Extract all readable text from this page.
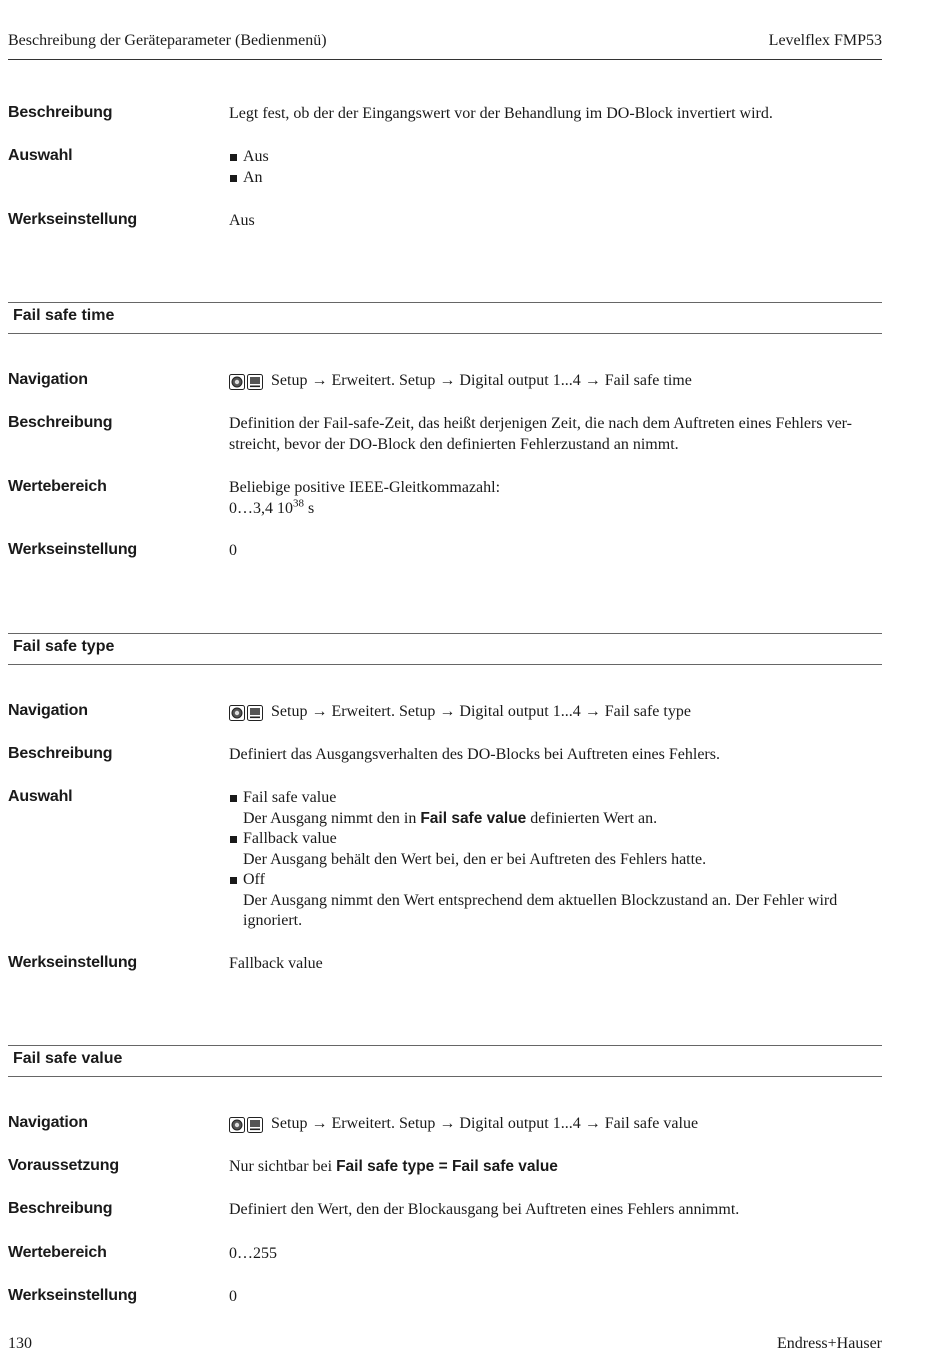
Beschreibung der Geräteparameter (Bedienmenü)	Levelflex FMP53
Beschreibung	Legt fest, ob der der Eingangswert vor der Behandlung im DO-Block invertiert wird.
Auswahl	Aus
An
Werkseinstellung	Aus
Fail safe time
Navigation	Setup → Erweitert. Setup → Digital output 1...4 → Fail safe time
Beschreibung	Definition der Fail-safe-Zeit, das heißt derjenigen Zeit, die nach dem Auftreten eines Fehlers ver-
streicht, bevor der DO-Block den definierten Fehlerzustand an nimmt.
Wertebereich	Beliebige positive IEEE-Gleitkommazahl:
0…3,4 $10^{38}$ s
Werkseinstellung	0
Fail safe type
Navigation	Setup → Erweitert. Setup → Digital output 1...4 → Fail safe type
Beschreibung	Definiert das Ausgangsverhalten des DO-Blocks bei Auftreten eines Fehlers.
Auswahl	Fail safe value
Der Ausgang nimmt den in Fail safe value definierten Wert an.
Fallback value
Der Ausgang behält den Wert bei, den er bei Auftreten des Fehlers hatte.
Off
Der Ausgang nimmt den Wert entsprechend dem aktuellen Blockzustand an. Der Fehler wird
ignoriert.
Werkseinstellung	Fallback value
Fail safe value
Navigation	Setup → Erweitert. Setup → Digital output 1...4 → Fail safe value
Voraussetzung	Nur sichtbar bei Fail safe type = Fail safe value
Beschreibung	Definiert den Wert, den der Blockausgang bei Auftreten eines Fehlers annimmt.
Wertebereich	0…255
Werkseinstellung	0
130	Endress+Hauser
